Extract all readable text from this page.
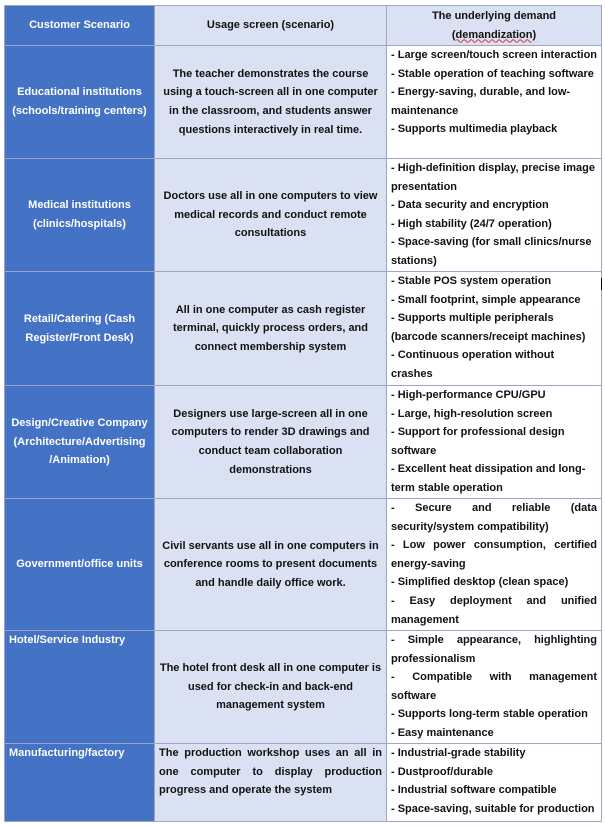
Customer Scenario	Usage screen (scenario)	The underlying demand
(demandization)

Educational institutions (schools/training centers)	The teacher demonstrates the course using a touch-screen all in one computer in the classroom, and students answer questions interactively in real time.	- Large screen/touch screen interaction
- Stable operation of teaching software
- Energy-saving, durable, and low-maintenance
- Supports multimedia playback

Medical institutions (clinics/hospitals)	Doctors use all in one computers to view medical records and conduct remote consultations	- High-definition display, precise image presentation
- Data security and encryption
- High stability (24/7 operation)
- Space-saving (for small clinics/nurse stations)

Retail/Catering (Cash Register/Front Desk)	All in one computer as cash register terminal, quickly process orders, and connect membership system	- Stable POS system operation
- Small footprint, simple appearance
- Supports multiple peripherals (barcode scanners/receipt machines)
- Continuous operation without crashes

Design/Creative Company (Architecture/Advertising /Animation)	Designers use large-screen all in one computers to render 3D drawings and conduct team collaboration demonstrations	- High-performance CPU/GPU
- Large, high-resolution screen
- Support for professional design software
- Excellent heat dissipation and long-term stable operation

Government/office units	Civil servants use all in one computers in conference rooms to present documents and handle daily office work.	- Secure and reliable (data security/system compatibility)
- Low power consumption, certified energy-saving
- Simplified desktop (clean space)
- Easy deployment and unified management

Hotel/Service Industry	The hotel front desk all in one computer is used for check-in and back-end management system	- Simple appearance, highlighting professionalism
- Compatible with management software
- Supports long-term stable operation
- Easy maintenance

Manufacturing/factory	The production workshop uses an all in one computer to display production progress and operate the system	- Industrial-grade stability
- Dustproof/durable
- Industrial software compatible
- Space-saving, suitable for production
